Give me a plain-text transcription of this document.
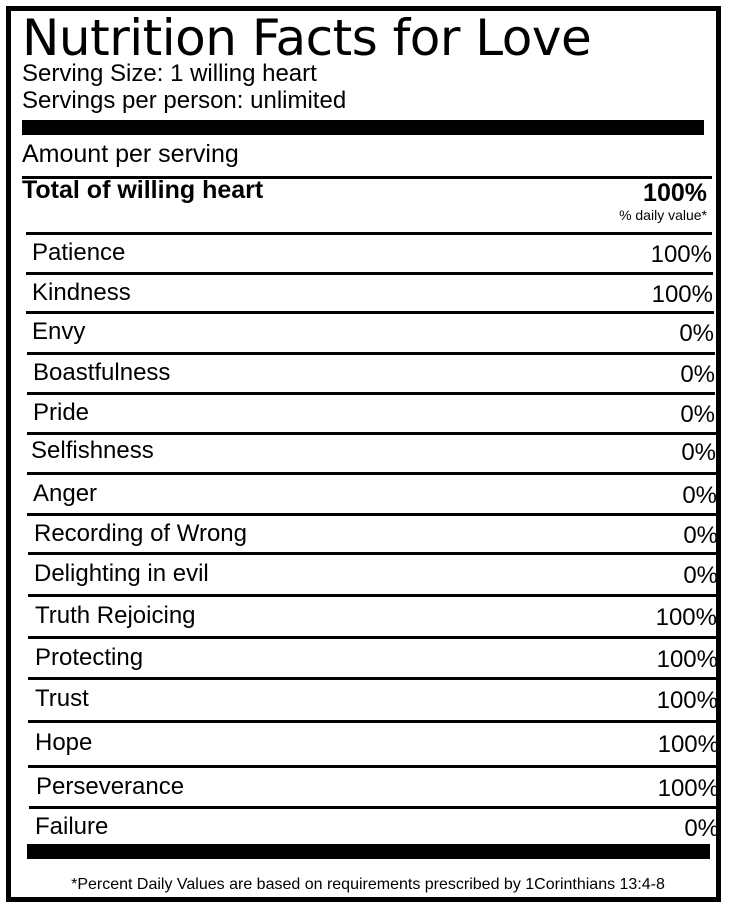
Nutrition Facts for Love
Serving Size: 1 willing heart
Servings per person: unlimited
Amount per serving
Total of willing heart	100%
% daily value*
Patience	100%
Kindness	100%
Envy	0%
Boastfulness	0%
Pride	0%
Selfishness	0%
Anger	0%
Recording of Wrong	0%
Delighting in evil	0%
Truth Rejoicing	100%
Protecting	100%
Trust	100%
Hope	100%
Perseverance	100%
Failure	0%
*Percent Daily Values are based on requirements prescribed by 1Corinthians 13:4-8
